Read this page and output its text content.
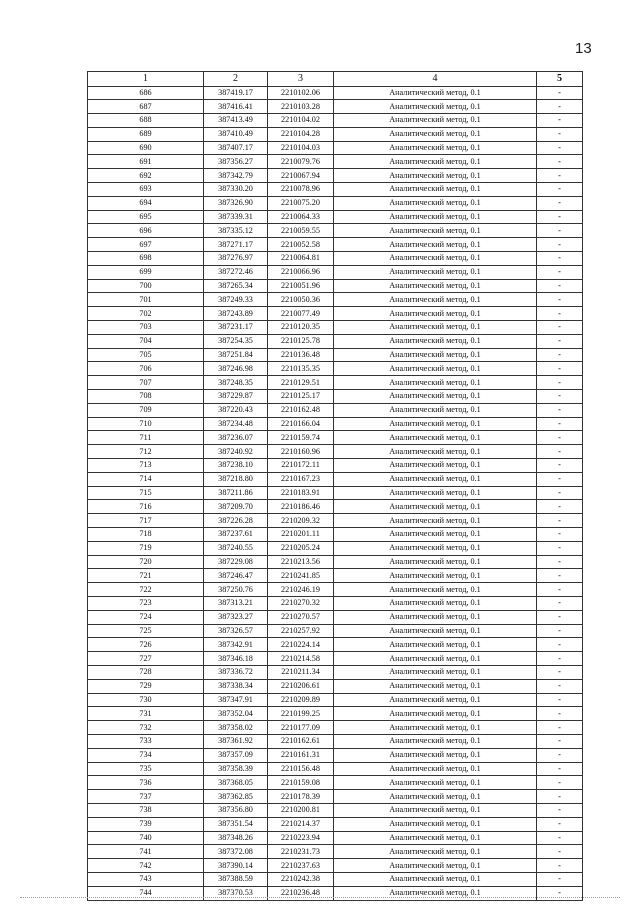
13
1	2	3	4	5
686	387419.17	2210102.06	Аналитический метод, 0.1	-
687	387416.41	2210103.28	Аналитический метод, 0.1	-
688	387413.49	2210104.02	Аналитический метод, 0.1	-
689	387410.49	2210104.28	Аналитический метод, 0.1	-
690	387407.17	2210104.03	Аналитический метод, 0.1	-
691	387356.27	2210079.76	Аналитический метод, 0.1	-
692	387342.79	2210067.94	Аналитический метод, 0.1	-
693	387330.20	2210078.96	Аналитический метод, 0.1	-
694	387326.90	2210075.20	Аналитический метод, 0.1	-
695	387339.31	2210064.33	Аналитический метод, 0.1	-
696	387335.12	2210059.55	Аналитический метод, 0.1	-
697	387271.17	2210052.58	Аналитический метод, 0.1	-
698	387276.97	2210064.81	Аналитический метод, 0.1	-
699	387272.46	2210066.96	Аналитический метод, 0.1	-
700	387265.34	2210051.96	Аналитический метод, 0.1	-
701	387249.33	2210050.36	Аналитический метод, 0.1	-
702	387243.89	2210077.49	Аналитический метод, 0.1	-
703	387231.17	2210120.35	Аналитический метод, 0.1	-
704	387254.35	2210125.78	Аналитический метод, 0.1	-
705	387251.84	2210136.48	Аналитический метод, 0.1	-
706	387246.98	2210135.35	Аналитический метод, 0.1	-
707	387248.35	2210129.51	Аналитический метод, 0.1	-
708	387229.87	2210125.17	Аналитический метод, 0.1	-
709	387220.43	2210162.48	Аналитический метод, 0.1	-
710	387234.48	2210166.04	Аналитический метод, 0.1	-
711	387236.07	2210159.74	Аналитический метод, 0.1	-
712	387240.92	2210160.96	Аналитический метод, 0.1	-
713	387238.10	2210172.11	Аналитический метод, 0.1	-
714	387218.80	2210167.23	Аналитический метод, 0.1	-
715	387211.86	2210183.91	Аналитический метод, 0.1	-
716	387209.70	2210186.46	Аналитический метод, 0.1	-
717	387226.28	2210209.32	Аналитический метод, 0.1	-
718	387237.61	2210201.11	Аналитический метод, 0.1	-
719	387240.55	2210205.24	Аналитический метод, 0.1	-
720	387229.08	2210213.56	Аналитический метод, 0.1	-
721	387246.47	2210241.85	Аналитический метод, 0.1	-
722	387250.76	2210246.19	Аналитический метод, 0.1	-
723	387313.21	2210270.32	Аналитический метод, 0.1	-
724	387323.27	2210270.57	Аналитический метод, 0.1	-
725	387326.57	2210257.92	Аналитический метод, 0.1	-
726	387342.91	2210224.14	Аналитический метод, 0.1	-
727	387346.18	2210214.58	Аналитический метод, 0.1	-
728	387336.72	2210211.34	Аналитический метод, 0.1	-
729	387338.34	2210206.61	Аналитический метод, 0.1	-
730	387347.91	2210209.89	Аналитический метод, 0.1	-
731	387352.04	2210199.25	Аналитический метод, 0.1	-
732	387358.02	2210177.09	Аналитический метод, 0.1	-
733	387361.92	2210162.61	Аналитический метод, 0.1	-
734	387357.09	2210161.31	Аналитический метод, 0.1	-
735	387358.39	2210156.48	Аналитический метод, 0.1	-
736	387368.05	2210159.08	Аналитический метод, 0.1	-
737	387362.85	2210178.39	Аналитический метод, 0.1	-
738	387356.80	2210200.81	Аналитический метод, 0.1	-
739	387351.54	2210214.37	Аналитический метод, 0.1	-
740	387348.26	2210223.94	Аналитический метод, 0.1	-
741	387372.08	2210231.73	Аналитический метод, 0.1	-
742	387390.14	2210237.63	Аналитический метод, 0.1	-
743	387388.59	2210242.38	Аналитический метод, 0.1	-
744	387370.53	2210236.48	Аналитический метод, 0.1	-
